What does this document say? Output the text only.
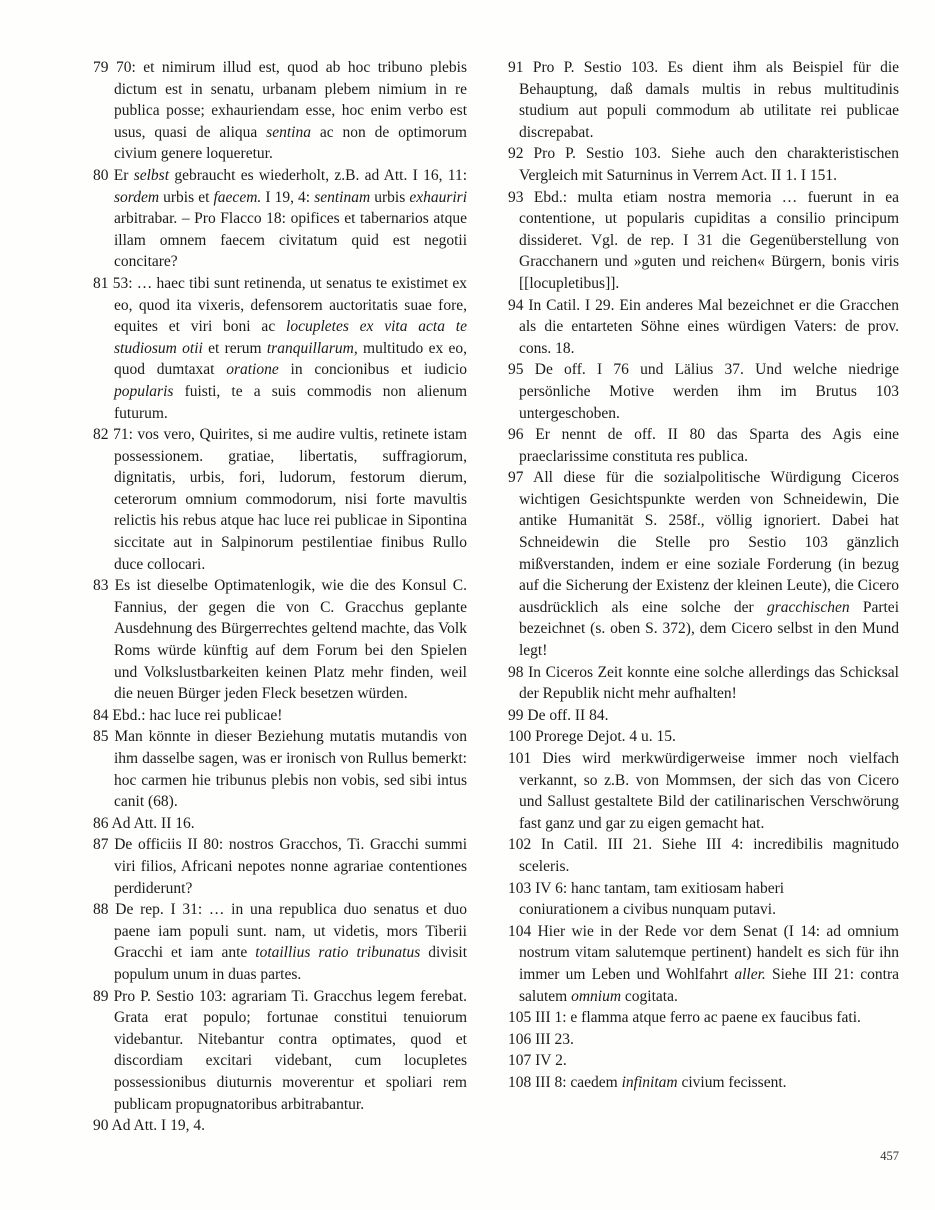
79 70: et nimirum illud est, quod ab hoc tribuno plebis dictum est in senatu, urbanam plebem nimium in re publica posse; exhauriendam esse, hoc enim verbo est usus, quasi de aliqua sentina ac non de optimorum civium genere loqueretur.

80 Er selbst gebraucht es wiederholt, z.B. ad Att. I 16, 11: sordem urbis et faecem. I 19, 4: sentinam urbis exhauriri arbitrabar. – Pro Flacco 18: opifices et tabernarios atque illam omnem faecem civitatum quid est negotii concitare?

81 53: … haec tibi sunt retinenda, ut senatus te existimet ex eo, quod ita vixeris, defensorem auctoritatis suae fore, equites et viri boni ac locupletes ex vita acta te studiosum otii et rerum tranquillarum, multitudo ex eo, quod dumtaxat oratione in concionibus et iudicio popularis fuisti, te a suis commodis non alienum futurum.

82 71: vos vero, Quirites, si me audire vultis, retinete istam possessionem. gratiae, libertatis, suffragiorum, dignitatis, urbis, fori, ludorum, festorum dierum, ceterorum omnium commodorum, nisi forte mavultis relictis his rebus atque hac luce rei publicae in Sipontina siccitate aut in Salpinorum pestilentiae finibus Rullo duce collocari.

83 Es ist dieselbe Optimatenlogik, wie die des Konsul C. Fannius, der gegen die von C. Gracchus geplante Ausdehnung des Bürgerrechtes geltend machte, das Volk Roms würde künftig auf dem Forum bei den Spielen und Volkslustbarkeiten keinen Platz mehr finden, weil die neuen Bürger jeden Fleck besetzen würden.

84 Ebd.: hac luce rei publicae!

85 Man könnte in dieser Beziehung mutatis mutandis von ihm dasselbe sagen, was er ironisch von Rullus bemerkt: hoc carmen hie tribunus plebis non vobis, sed sibi intus canit (68).

86 Ad Att. II 16.

87 De officiis II 80: nostros Gracchos, Ti. Gracchi summi viri filios, Africani nepotes nonne agrariae contentiones perdiderunt?

88 De rep. I 31: … in una republica duo senatus et duo paene iam populi sunt. nam, ut videtis, mors Tiberii Gracchi et iam ante totaillius ratio tribunatus divisit populum unum in duas partes.

89 Pro P. Sestio 103: agrariam Ti. Gracchus legem ferebat. Grata erat populo; fortunae constitui tenuiorum videbantur. Nitebantur contra optimates, quod et discordiam excitari videbant, cum locupletes possessionibus diuturnis moverentur et spoliari rem publicam propugnatoribus arbitrabantur.

90 Ad Att. I 19, 4.

91 Pro P. Sestio 103. Es dient ihm als Beispiel für die Behauptung, daß damals multis in rebus multitudinis studium aut populi commodum ab utilitate rei publicae discrepabat.

92 Pro P. Sestio 103. Siehe auch den charakteristischen Vergleich mit Saturninus in Verrem Act. II 1. I 151.

93 Ebd.: multa etiam nostra memoria … fuerunt in ea contentione, ut popularis cupiditas a consilio principum dissideret. Vgl. de rep. I 31 die Gegenüberstellung von Gracchanern und »guten und reichen« Bürgern, bonis viris [[locupletibus]].

94 In Catil. I 29. Ein anderes Mal bezeichnet er die Gracchen als die entarteten Söhne eines würdigen Vaters: de prov. cons. 18.

95 De off. I 76 und Lälius 37. Und welche niedrige persönliche Motive werden ihm im Brutus 103 untergeschoben.

96 Er nennt de off. II 80 das Sparta des Agis eine praeclarissime constituta res publica.

97 All diese für die sozialpolitische Würdigung Ciceros wichtigen Gesichtspunkte werden von Schneidewin, Die antike Humanität S. 258f., völlig ignoriert. Dabei hat Schneidewin die Stelle pro Sestio 103 gänzlich mißverstanden, indem er eine soziale Forderung (in bezug auf die Sicherung der Existenz der kleinen Leute), die Cicero ausdrücklich als eine solche der gracchischen Partei bezeichnet (s. oben S. 372), dem Cicero selbst in den Mund legt!

98 In Ciceros Zeit konnte eine solche allerdings das Schicksal der Republik nicht mehr aufhalten!

99 De off. II 84.

100 Prorege Dejot. 4 u. 15.

101 Dies wird merkwürdigerweise immer noch vielfach verkannt, so z.B. von Mommsen, der sich das von Cicero und Sallust gestaltete Bild der catilinarischen Verschwörung fast ganz und gar zu eigen gemacht hat.

102 In Catil. III 21. Siehe III 4: incredibilis magnitudo sceleris.

103 IV 6: hanc tantam, tam exitiosam haberi
coniurationem a civibus nunquam putavi.

104 Hier wie in der Rede vor dem Senat (I 14: ad omnium nostrum vitam salutemque pertinent) handelt es sich für ihn immer um Leben und Wohlfahrt aller. Siehe III 21: contra salutem omnium cogitata.

105 III 1: e flamma atque ferro ac paene ex faucibus fati.

106 III 23.

107 IV 2.

108 III 8: caedem infinitam civium fecissent.

457
